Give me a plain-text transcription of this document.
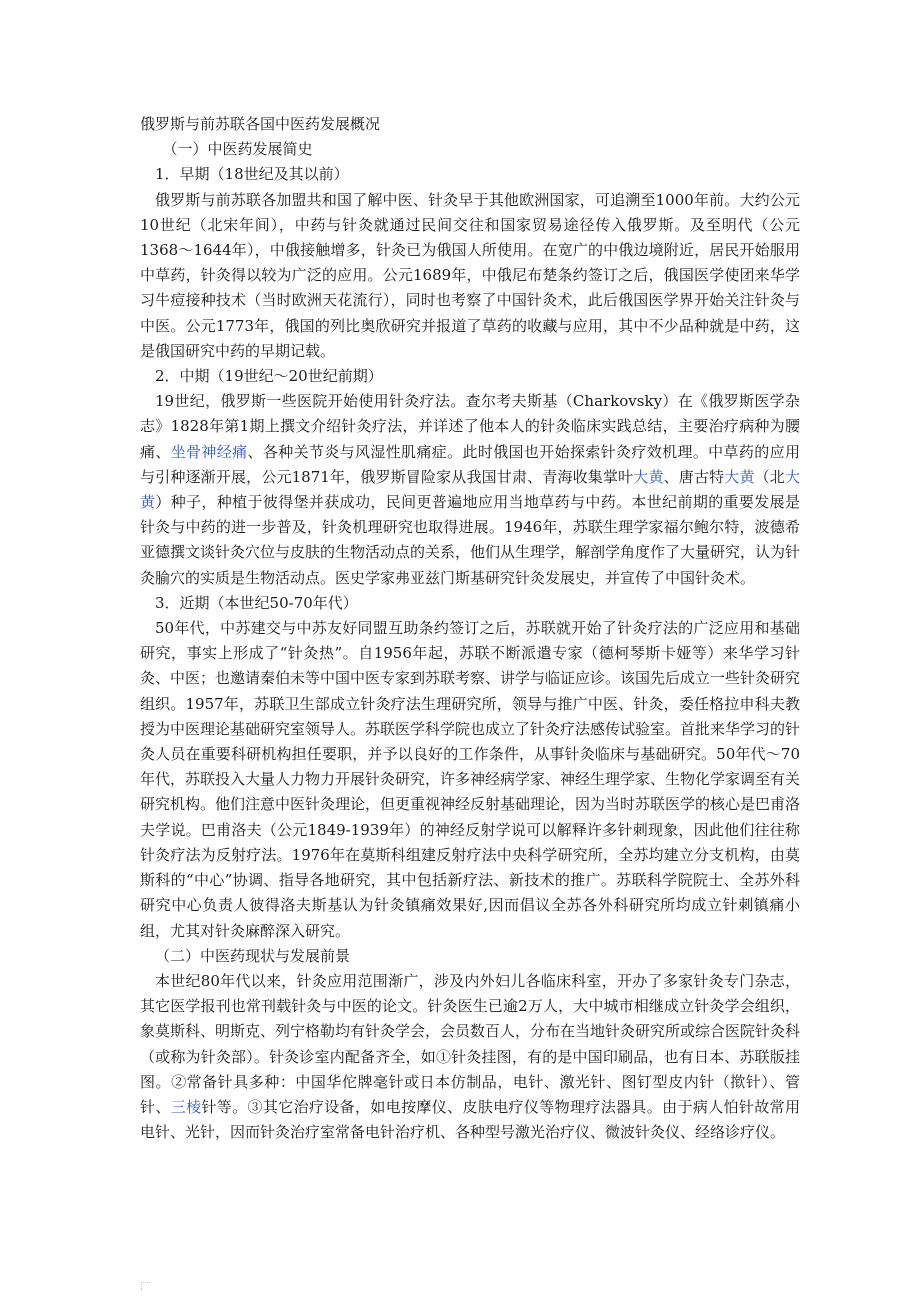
俄罗斯与前苏联各国中医药发展概况

（一）中医药发展简史

1．早期（18世纪及其以前）

俄罗斯与前苏联各加盟共和国了解中医、针灸早于其他欧洲国家，可追溯至1000年前。大约公元10世纪（北宋年间），中药与针灸就通过民间交往和国家贸易途径传入俄罗斯。及至明代（公元1368～1644年），中俄接触增多，针灸已为俄国人所使用。在宽广的中俄边境附近，居民开始服用中草药，针灸得以较为广泛的应用。公元1689年，中俄尼布楚条约签订之后，俄国医学使团来华学习牛痘接种技术（当时欧洲天花流行），同时也考察了中国针灸术，此后俄国医学界开始关注针灸与中医。公元1773年，俄国的列比奥欣研究并报道了草药的收藏与应用，其中不少品种就是中药，这是俄国研究中药的早期记载。

2．中期（19世纪～20世纪前期）

19世纪，俄罗斯一些医院开始使用针灸疗法。查尔考夫斯基（Charkovsky）在《俄罗斯医学杂志》1828年第1期上撰文介绍针灸疗法，并详述了他本人的针灸临床实践总结，主要治疗病种为腰痛、坐骨神经痛、各种关节炎与风湿性肌痛症。此时俄国也开始探索针灸疗效机理。中草药的应用与引种逐渐开展，公元1871年，俄罗斯冒险家从我国甘肃、青海收集掌叶大黄、唐古特大黄（北大黄）种子，种植于彼得堡并获成功，民间更普遍地应用当地草药与中药。本世纪前期的重要发展是针灸与中药的进一步普及，针灸机理研究也取得进展。1946年，苏联生理学家福尔鲍尔特，波德希亚德撰文谈针灸穴位与皮肤的生物活动点的关系，他们从生理学，解剖学角度作了大量研究，认为针灸腧穴的实质是生物活动点。医史学家弗亚兹门斯基研究针灸发展史，并宣传了中国针灸术。

3．近期（本世纪50-70年代）

50年代，中苏建交与中苏友好同盟互助条约签订之后，苏联就开始了针灸疗法的广泛应用和基础研究，事实上形成了“针灸热”。自1956年起，苏联不断派遣专家（德柯琴斯卡娅等）来华学习针灸、中医；也邀请秦伯未等中国中医专家到苏联考察、讲学与临证应诊。该国先后成立一些针灸研究组织。1957年，苏联卫生部成立针灸疗法生理研究所，领导与推广中医、针灸，委任格拉申科夫教授为中医理论基础研究室领导人。苏联医学科学院也成立了针灸疗法感传试验室。首批来华学习的针灸人员在重要科研机构担任要职，并予以良好的工作条件，从事针灸临床与基础研究。50年代～70年代，苏联投入大量人力物力开展针灸研究，许多神经病学家、神经生理学家、生物化学家调至有关研究机构。他们注意中医针灸理论，但更重视神经反射基础理论，因为当时苏联医学的核心是巴甫洛夫学说。巴甫洛夫（公元1849-1939年）的神经反射学说可以解释许多针刺现象，因此他们往往称针灸疗法为反射疗法。1976年在莫斯科组建反射疗法中央科学研究所，全苏均建立分支机构，由莫斯科的“中心”协调、指导各地研究，其中包括新疗法、新技术的推广。苏联科学院院士、全苏外科研究中心负责人彼得洛夫斯基认为针灸镇痛效果好,因而倡议全苏各外科研究所均成立针刺镇痛小组，尤其对针灸麻醉深入研究。

（二）中医药现状与发展前景

本世纪80年代以来，针灸应用范围渐广，涉及内外妇儿各临床科室，开办了多家针灸专门杂志，其它医学报刊也常刊载针灸与中医的论文。针灸医生已逾2万人，大中城市相继成立针灸学会组织，象莫斯科、明斯克、列宁格勒均有针灸学会，会员数百人，分布在当地针灸研究所或综合医院针灸科（或称为针灸部）。针灸诊室内配备齐全，如①针灸挂图，有的是中国印刷品，也有日本、苏联版挂图。②常备针具多种：中国华佗牌毫针或日本仿制品，电针、激光针、图钉型皮内针（揿针）、管针、三棱针等。③其它治疗设备，如电按摩仪、皮肤电疗仪等物理疗法器具。由于病人怕针故常用电针、光针，因而针灸治疗室常备电针治疗机、各种型号激光治疗仪、微波针灸仪、经络诊疗仪。
